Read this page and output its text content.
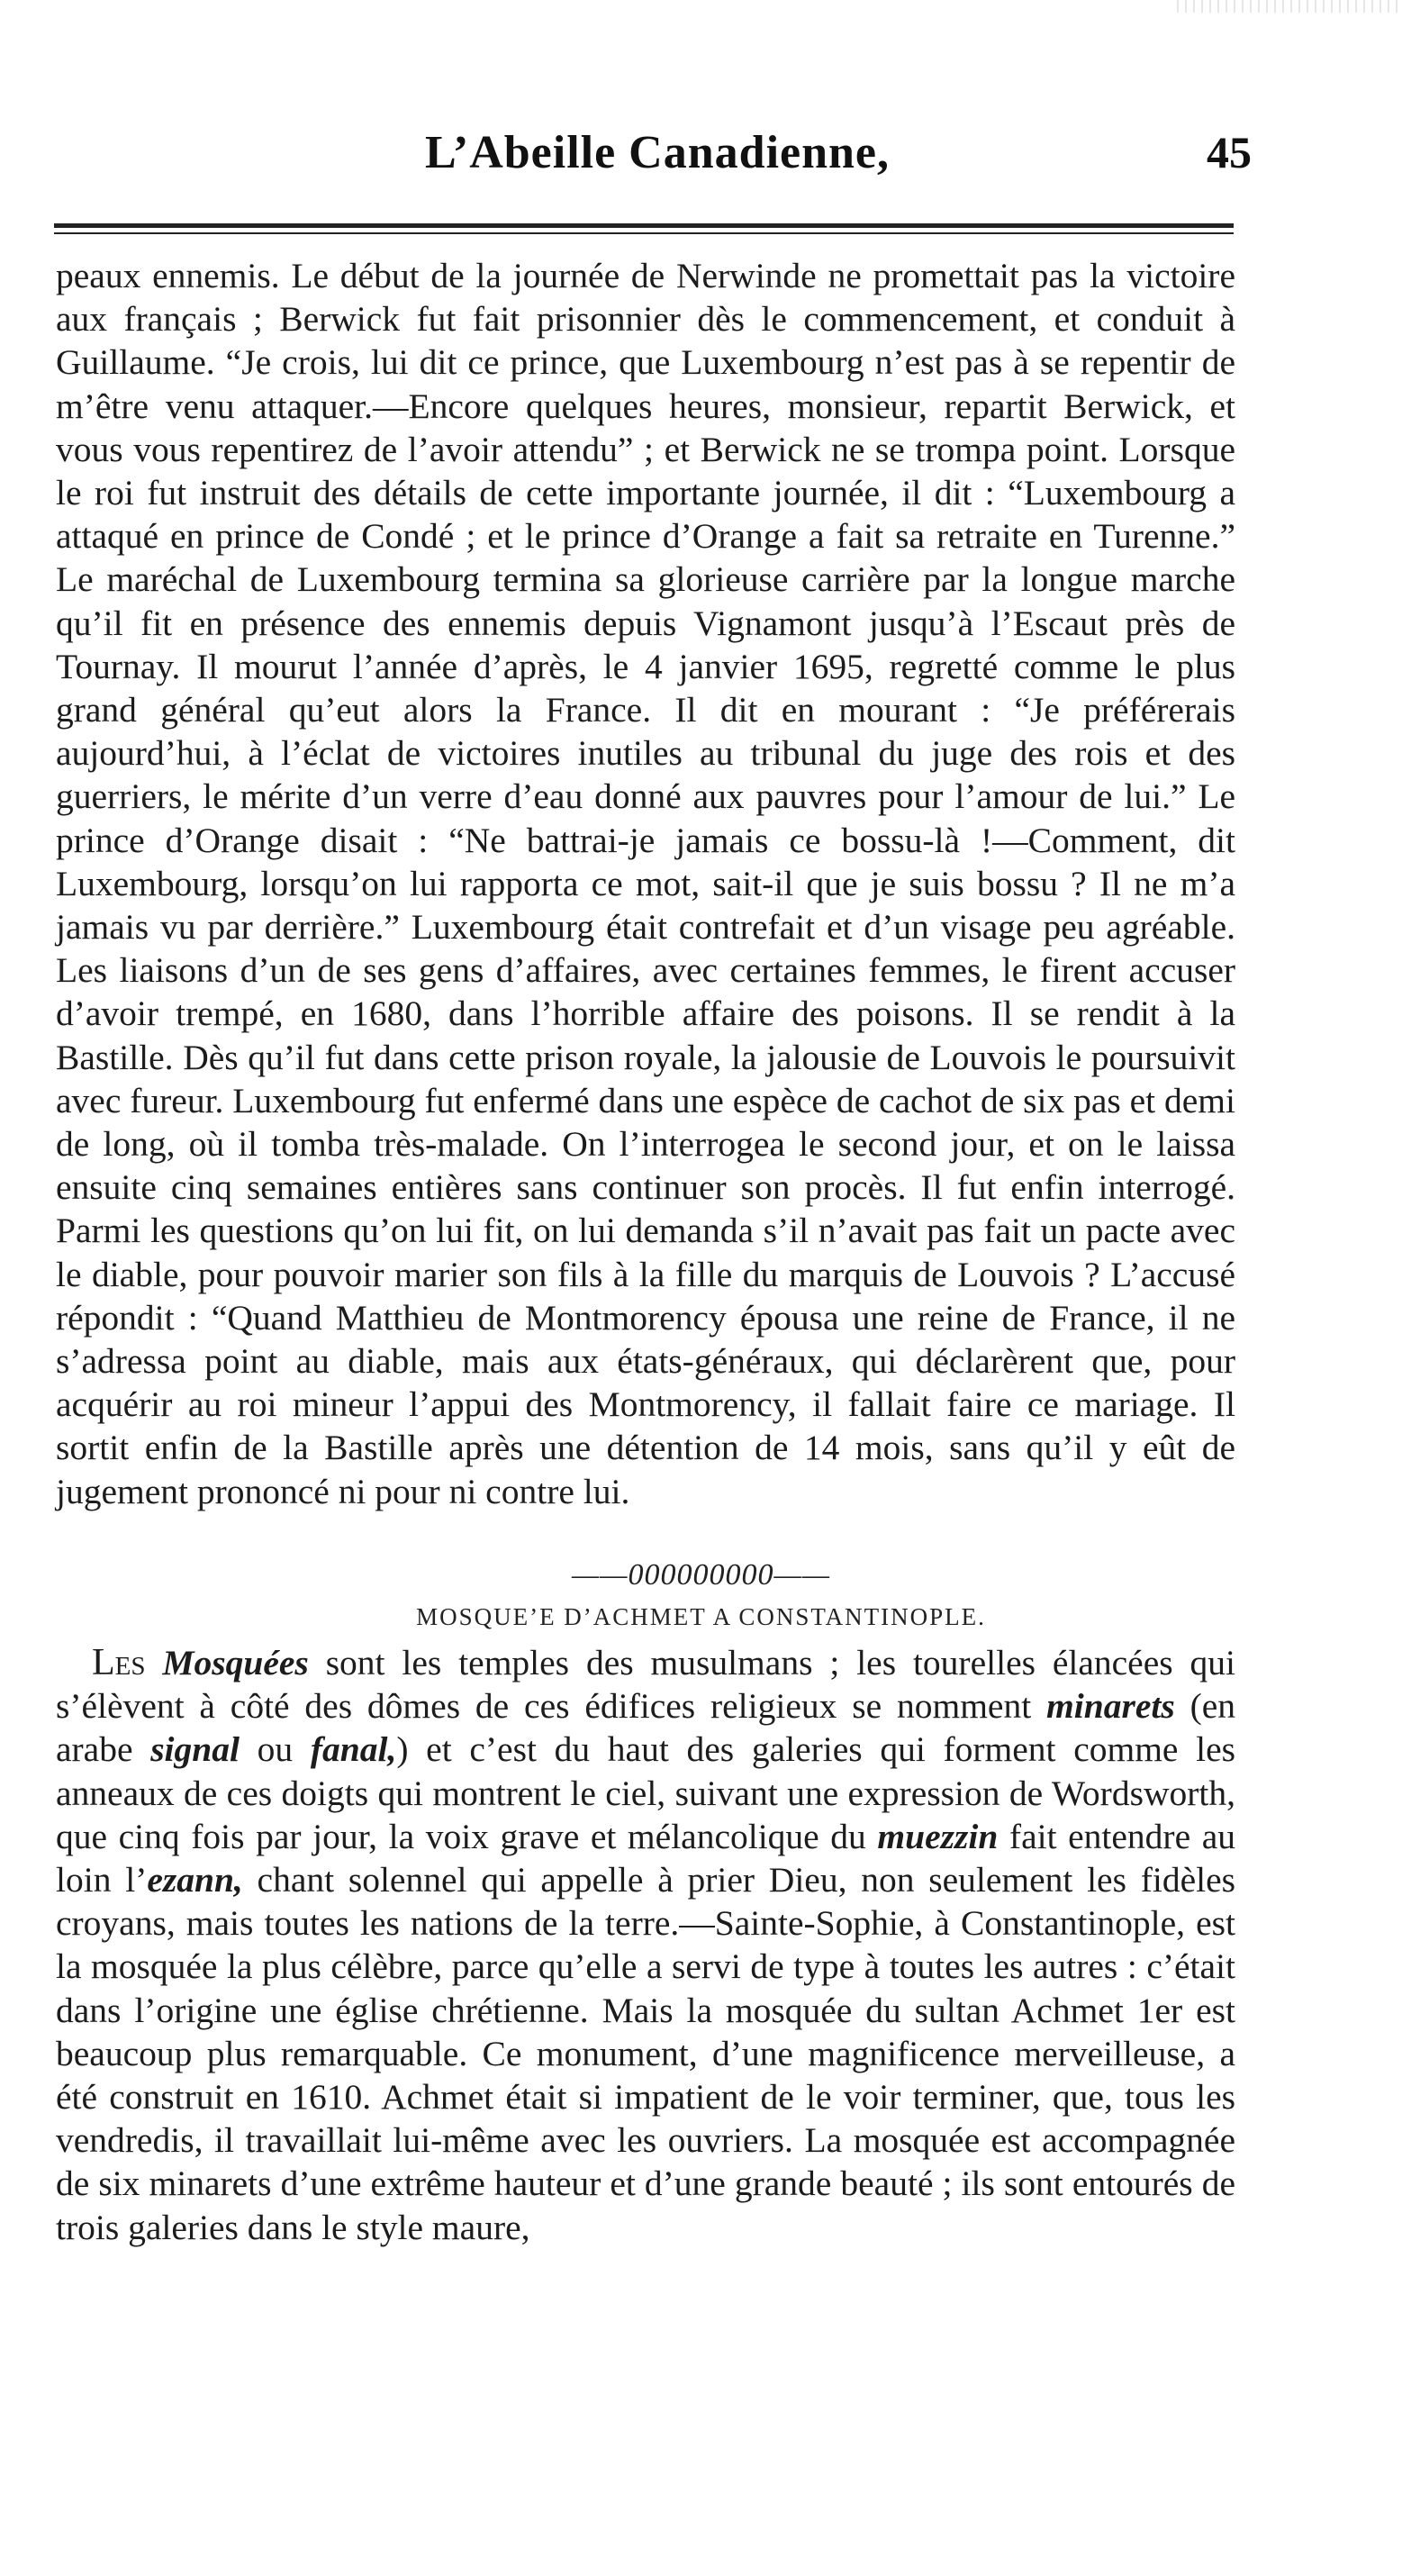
L’Abeille Canadienne,	45

peaux ennemis. Le début de la journée de Nerwinde ne promettait pas la victoire aux français ; Berwick fut fait prisonnier dès le commencement, et conduit à Guillaume. “Je crois, lui dit ce prince, que Luxembourg n’est pas à se repentir de m’être venu attaquer.—Encore quelques heures, monsieur, repartit Berwick, et vous vous repentirez de l’avoir attendu” ; et Berwick ne se trompa point. Lorsque le roi fut instruit des détails de cette importante journée, il dit : “Luxembourg a attaqué en prince de Condé ; et le prince d’Orange a fait sa retraite en Turenne.” Le maréchal de Luxembourg termina sa glorieuse carrière par la longue marche qu’il fit en présence des ennemis depuis Vignamont jusqu’à l’Escaut près de Tournay. Il mourut l’année d’après, le 4 janvier 1695, regretté comme le plus grand général qu’eut alors la France. Il dit en mourant : “Je préférerais aujourd’hui, à l’éclat de victoires inutiles au tribunal du juge des rois et des guerriers, le mérite d’un verre d’eau donné aux pauvres pour l’amour de lui.” Le prince d’Orange disait : “Ne battrai-je jamais ce bossu-là !—Comment, dit Luxembourg, lorsqu’on lui rapporta ce mot, sait-il que je suis bossu ? Il ne m’a jamais vu par derrière.” Luxembourg était contrefait et d’un visage peu agréable. Les liaisons d’un de ses gens d’affaires, avec certaines femmes, le firent accuser d’avoir trempé, en 1680, dans l’horrible affaire des poisons. Il se rendit à la Bastille. Dès qu’il fut dans cette prison royale, la jalousie de Louvois le poursuivit avec fureur. Luxembourg fut enfermé dans une espèce de cachot de six pas et demi de long, où il tomba très-malade. On l’interrogea le second jour, et on le laissa ensuite cinq semaines entières sans continuer son procès. Il fut enfin interrogé. Parmi les questions qu’on lui fit, on lui demanda s’il n’avait pas fait un pacte avec le diable, pour pouvoir marier son fils à la fille du marquis de Louvois ? L’accusé répondit : “Quand Matthieu de Montmorency épousa une reine de France, il ne s’adressa point au diable, mais aux états-généraux, qui déclarèrent que, pour acquérir au roi mineur l’appui des Montmorency, il fallait faire ce mariage. Il sortit enfin de la Bastille après une détention de 14 mois, sans qu’il y eût de jugement prononcé ni pour ni contre lui.

——000000000——
MOSQUE’E D’ACHMET A CONSTANTINOPLE.

Les Mosquées sont les temples des musulmans ; les tourelles élancées qui s’élèvent à côté des dômes de ces édifices religieux se nomment minarets (en arabe signal ou fanal,) et c’est du haut des galeries qui forment comme les anneaux de ces doigts qui montrent le ciel, suivant une expression de Wordsworth, que cinq fois par jour, la voix grave et mélancolique du muezzin fait entendre au loin l’ezann, chant solennel qui appelle à prier Dieu, non seulement les fidèles croyans, mais toutes les nations de la terre.—Sainte-Sophie, à Constantinople, est la mosquée la plus célèbre, parce qu’elle a servi de type à toutes les autres : c’était dans l’origine une église chrétienne. Mais la mosquée du sultan Achmet 1er est beaucoup plus remarquable. Ce monument, d’une magnificence merveilleuse, a été construit en 1610. Achmet était si impatient de le voir terminer, que, tous les vendredis, il travaillait lui-même avec les ouvriers. La mosquée est accompagnée de six minarets d’une extrême hauteur et d’une grande beauté ; ils sont entourés de trois galeries dans le style maure,
